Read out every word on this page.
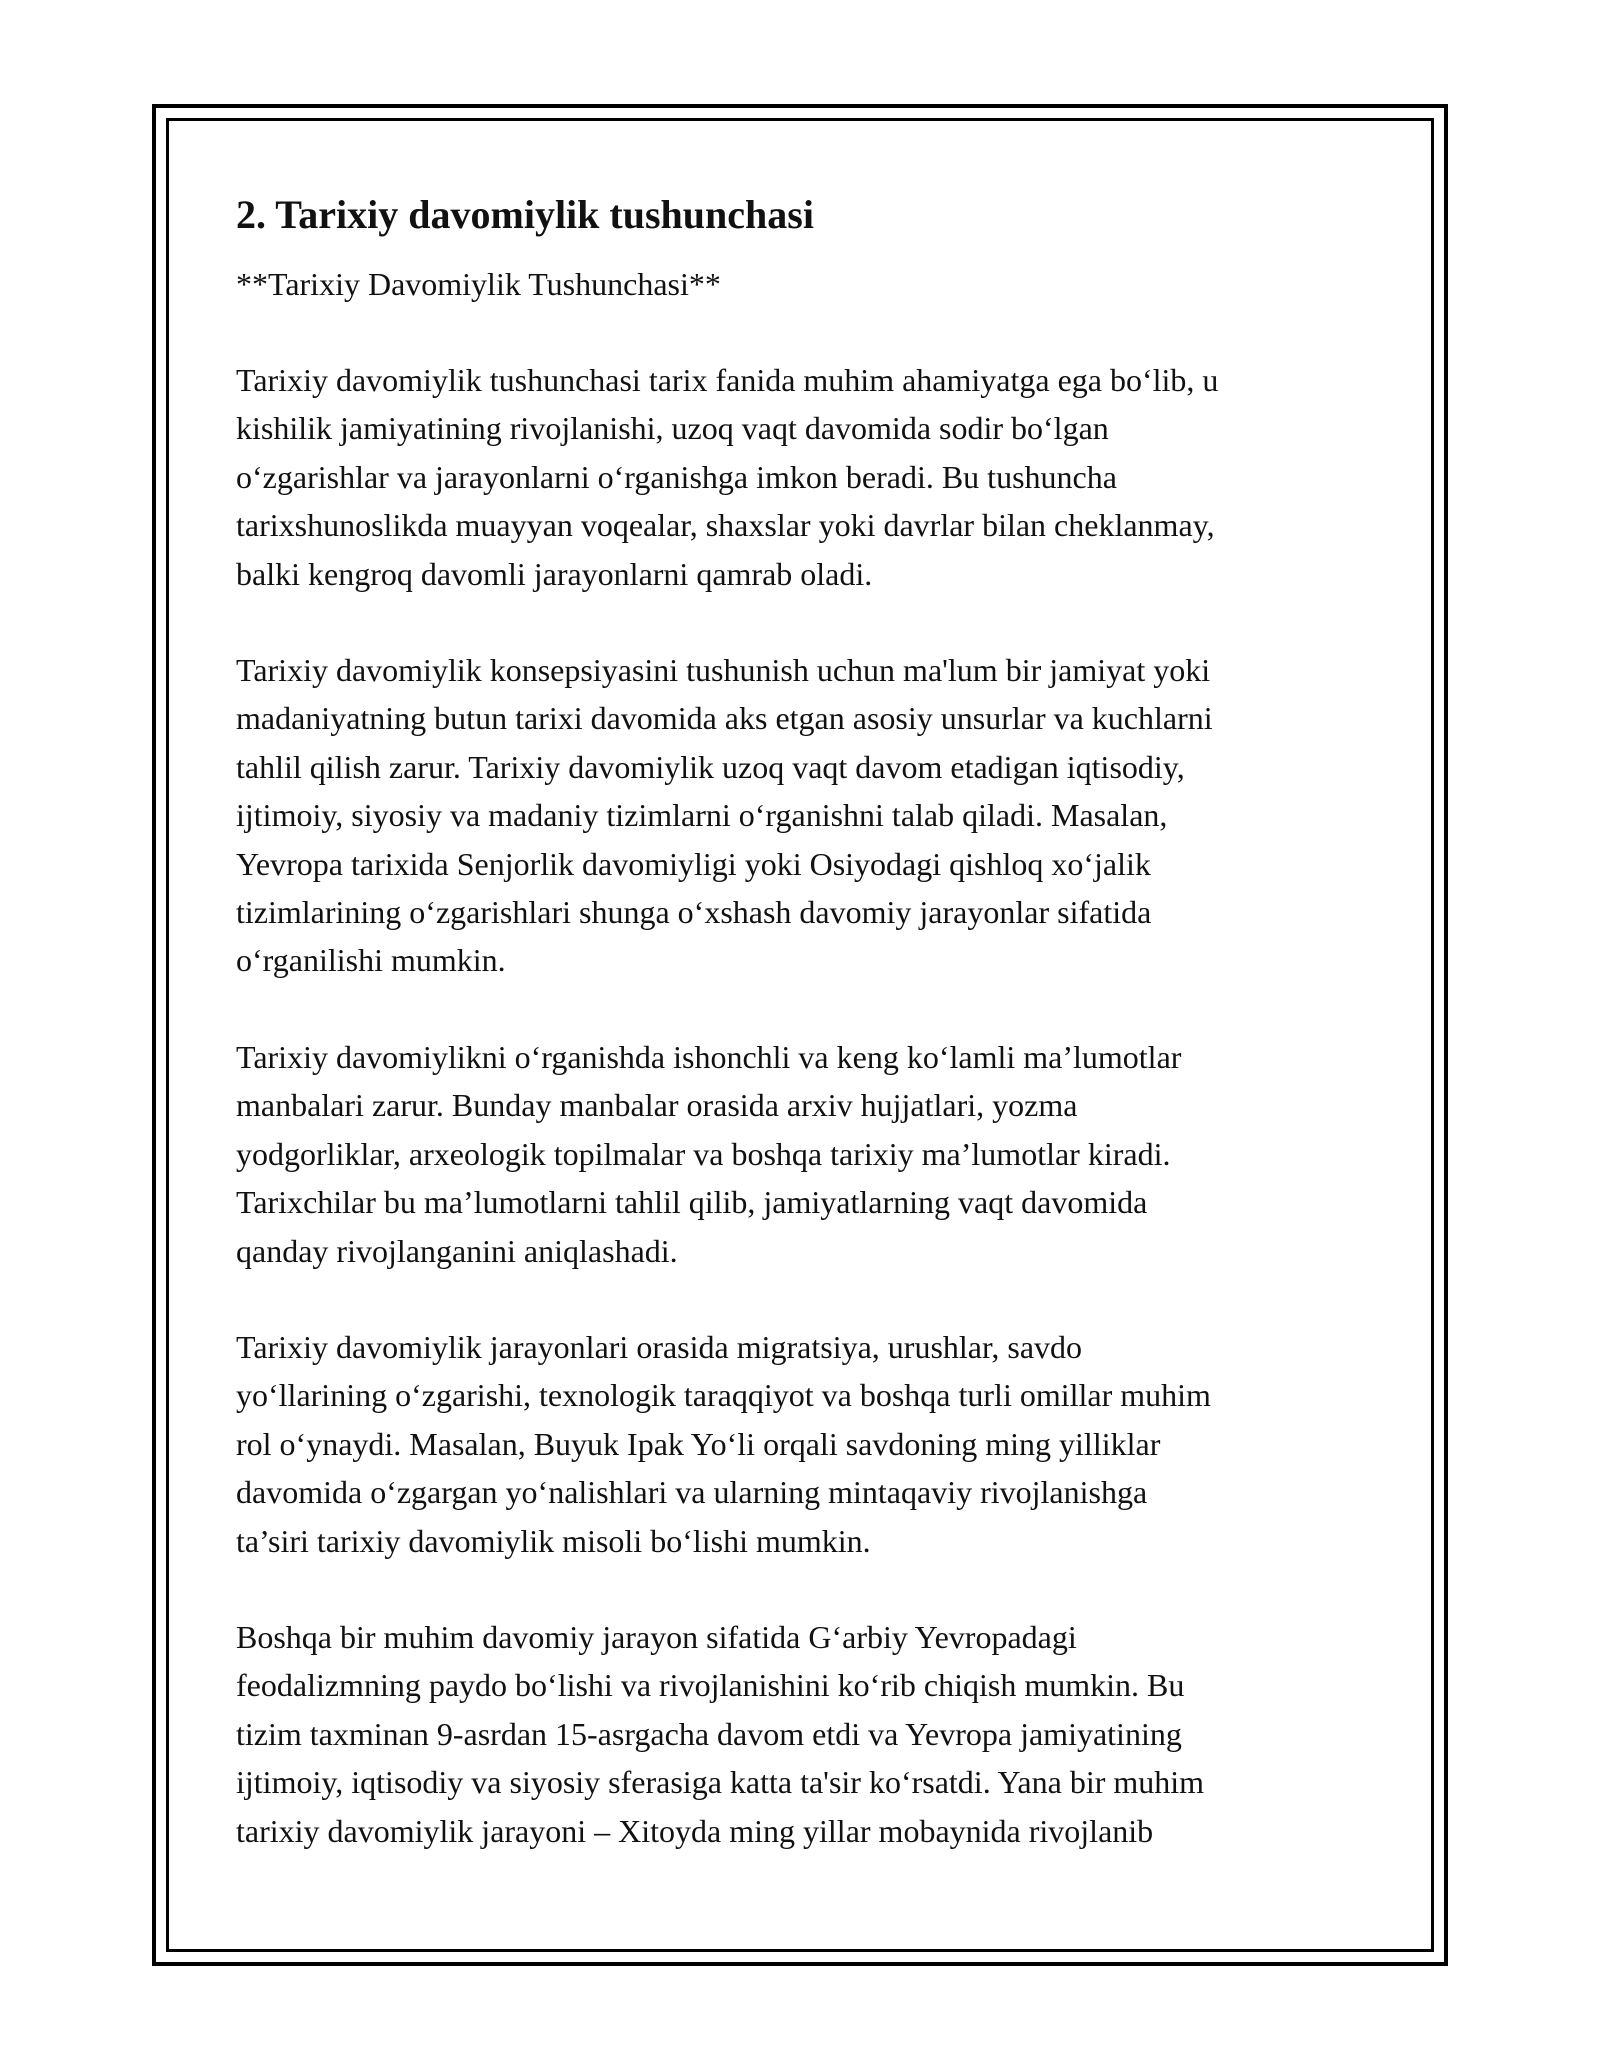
2. Tarixiy davomiylik tushunchasi

**Tarixiy Davomiylik Tushunchasi**

Tarixiy davomiylik tushunchasi tarix fanida muhim ahamiyatga ega bo‘lib, u
kishilik jamiyatining rivojlanishi, uzoq vaqt davomida sodir bo‘lgan
o‘zgarishlar va jarayonlarni o‘rganishga imkon beradi. Bu tushuncha
tarixshunoslikda muayyan voqealar, shaxslar yoki davrlar bilan cheklanmay,
balki kengroq davomli jarayonlarni qamrab oladi.

Tarixiy davomiylik konsepsiyasini tushunish uchun ma'lum bir jamiyat yoki
madaniyatning butun tarixi davomida aks etgan asosiy unsurlar va kuchlarni
tahlil qilish zarur. Tarixiy davomiylik uzoq vaqt davom etadigan iqtisodiy,
ijtimoiy, siyosiy va madaniy tizimlarni o‘rganishni talab qiladi. Masalan,
Yevropa tarixida Senjorlik davomiyligi yoki Osiyodagi qishloq xo‘jalik
tizimlarining o‘zgarishlari shunga o‘xshash davomiy jarayonlar sifatida
o‘rganilishi mumkin.

Tarixiy davomiylikni o‘rganishda ishonchli va keng ko‘lamli ma’lumotlar
manbalari zarur. Bunday manbalar orasida arxiv hujjatlari, yozma
yodgorliklar, arxeologik topilmalar va boshqa tarixiy ma’lumotlar kiradi.
Tarixchilar bu ma’lumotlarni tahlil qilib, jamiyatlarning vaqt davomida
qanday rivojlanganini aniqlashadi.

Tarixiy davomiylik jarayonlari orasida migratsiya, urushlar, savdo
yo‘llarining o‘zgarishi, texnologik taraqqiyot va boshqa turli omillar muhim
rol o‘ynaydi. Masalan, Buyuk Ipak Yo‘li orqali savdoning ming yilliklar
davomida o‘zgargan yo‘nalishlari va ularning mintaqaviy rivojlanishga
ta’siri tarixiy davomiylik misoli bo‘lishi mumkin.

Boshqa bir muhim davomiy jarayon sifatida G‘arbiy Yevropadagi
feodalizmning paydo bo‘lishi va rivojlanishini ko‘rib chiqish mumkin. Bu
tizim taxminan 9-asrdan 15-asrgacha davom etdi va Yevropa jamiyatining
ijtimoiy, iqtisodiy va siyosiy sferasiga katta ta'sir ko‘rsatdi. Yana bir muhim
tarixiy davomiylik jarayoni – Xitoyda ming yillar mobaynida rivojlanib
